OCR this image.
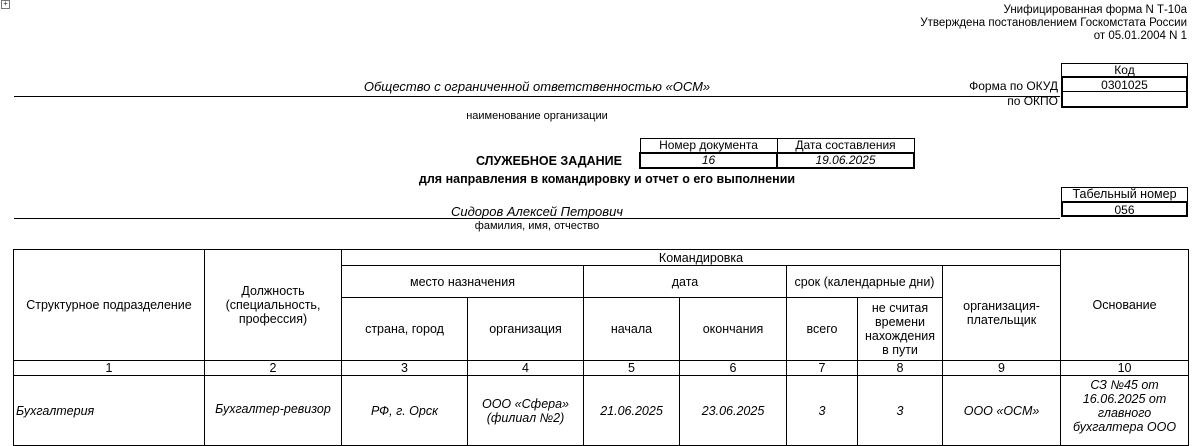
+
Унифицированная форма N Т-10а
Утверждена постановлением Госкомстата России
от 05.01.2004 N 1
Код
0301025
Форма по ОКУД
по ОКПО
Общество с ограниченной ответственностью «ОСМ»
наименование организации
Номер документа	Дата составления
16	19.06.2025
СЛУЖЕБНОЕ ЗАДАНИЕ
для направления в командировку и отчет о его выполнении
Табельный номер
056
Сидоров Алексей Петрович
фамилия, имя, отчество
Структурное подразделение	Должность (специальность, профессия)	Командировка							Основание
		место назначения		дата		срок (календарные дни)		организация-плательщик	
		страна, город	организация	начала	окончания	всего	не считая времени нахождения в пути		
1	2	3	4	5	6	7	8	9	10
Бухгалтерия	Бухгалтер-ревизор	РФ, г. Орск	ООО «Сфера» (филиал №2)	21.06.2025	23.06.2025	3	3	ООО «ОСМ»	СЗ №45 от 16.06.2025 от главного бухгалтера ООО
